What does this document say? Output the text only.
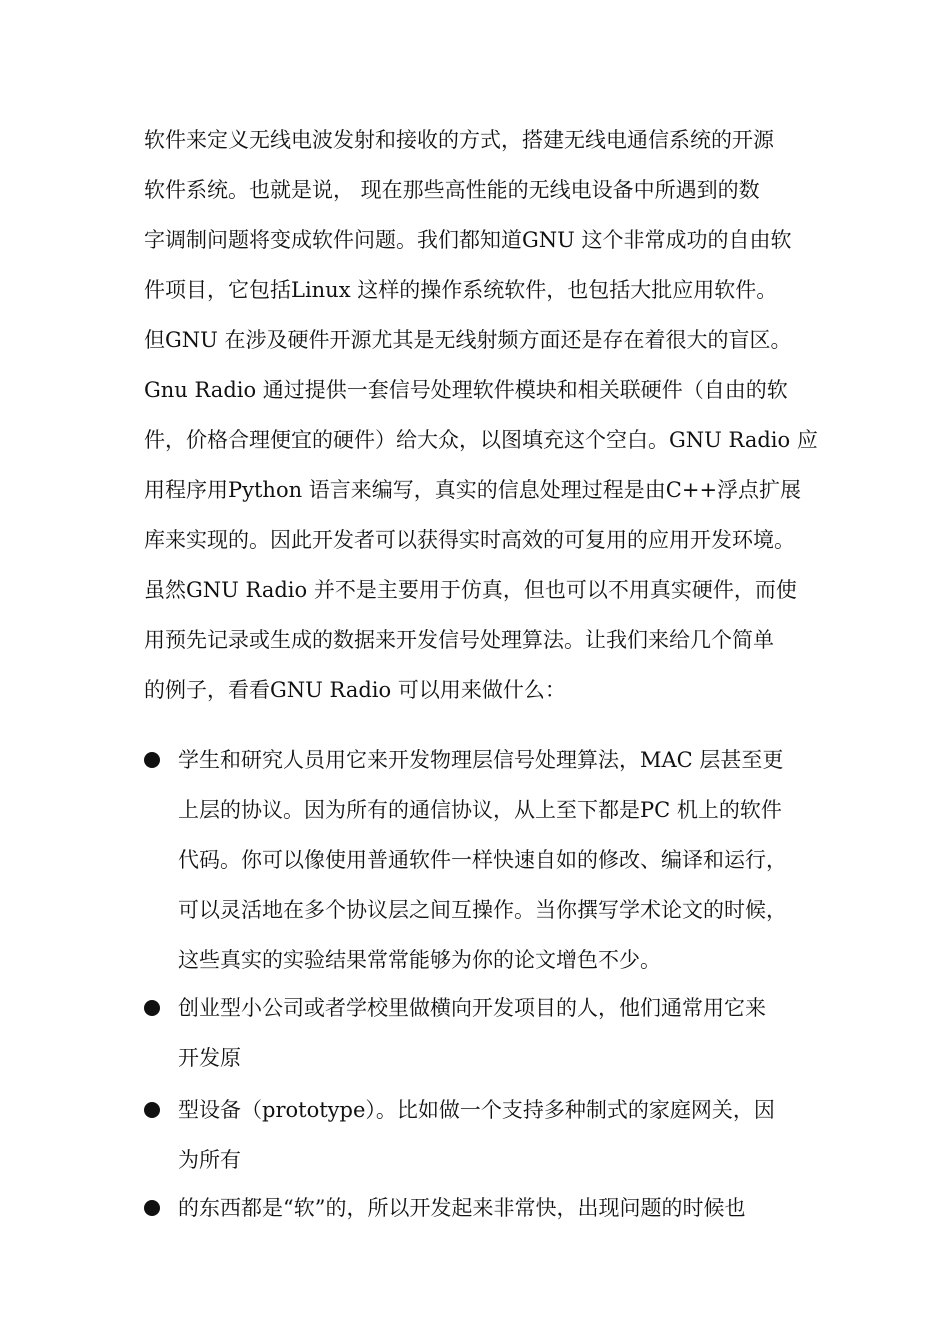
软件来定义无线电波发射和接收的方式，搭建无线电通信系统的开源
软件系统。也就是说， 现在那些高性能的无线电设备中所遇到的数
字调制问题将变成软件问题。我们都知道GNU 这个非常成功的自由软
件项目，它包括Linux 这样的操作系统软件，也包括大批应用软件。
但GNU 在涉及硬件开源尤其是无线射频方面还是存在着很大的盲区。
Gnu Radio 通过提供一套信号处理软件模块和相关联硬件（自由的软
件，价格合理便宜的硬件）给大众，以图填充这个空白。GNU Radio 应
用程序用Python 语言来编写，真实的信息处理过程是由C++浮点扩展
库来实现的。因此开发者可以获得实时高效的可复用的应用开发环境。
虽然GNU Radio 并不是主要用于仿真，但也可以不用真实硬件，而使
用预先记录或生成的数据来开发信号处理算法。让我们来给几个简单
的例子，看看GNU Radio 可以用来做什么：
学生和研究人员用它来开发物理层信号处理算法，MAC 层甚至更
上层的协议。因为所有的通信协议，从上至下都是PC 机上的软件
代码。你可以像使用普通软件一样快速自如的修改、编译和运行，
可以灵活地在多个协议层之间互操作。当你撰写学术论文的时候，
这些真实的实验结果常常能够为你的论文增色不少。
创业型小公司或者学校里做横向开发项目的人，他们通常用它来
开发原
型设备（prototype）。比如做一个支持多种制式的家庭网关，因
为所有
的东西都是“软”的，所以开发起来非常快，出现问题的时候也
